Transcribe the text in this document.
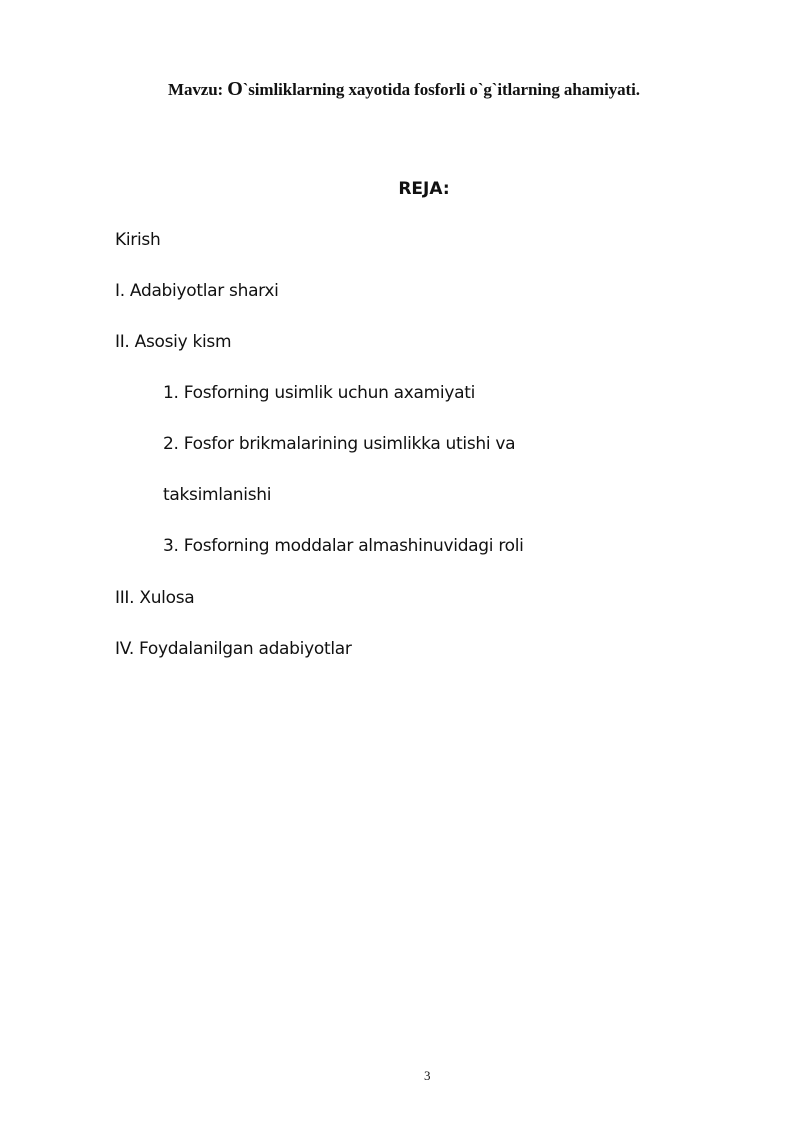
Mavzu: O`simliklarning xayotida fosforli o`g`itlarning ahamiyati.
REJA:
Kirish
I. Adabiyotlar sharxi
II. Asosiy kism
1. Fosforning usimlik uchun axamiyati
2. Fosfor brikmalarining usimlikka utishi va
taksimlanishi
3. Fosforning moddalar almashinuvidagi roli
III. Xulosa
IV. Foydalanilgan adabiyotlar
3
